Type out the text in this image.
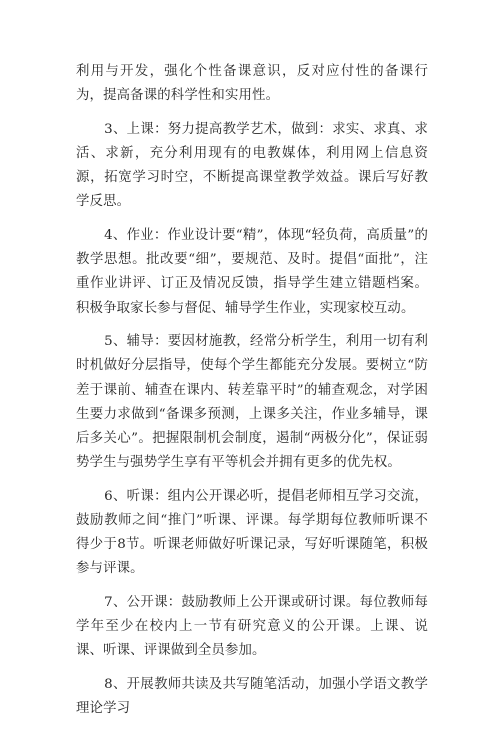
利用与开发，强化个性备课意识，反对应付性的备课行为，提高备课的科学性和实用性。

3、上课：努力提高教学艺术，做到：求实、求真、求活、求新，充分利用现有的电教媒体，利用网上信息资源，拓宽学习时空，不断提高课堂教学效益。课后写好教学反思。

4、作业：作业设计要“精”，体现“轻负荷，高质量”的教学思想。批改要“细”，要规范、及时。提倡“面批”，注重作业讲评、订正及情况反馈，指导学生建立错题档案。积极争取家长参与督促、辅导学生作业，实现家校互动。

5、辅导：要因材施教，经常分析学生，利用一切有利时机做好分层指导，使每个学生都能充分发展。要树立“防差于课前、辅查在课内、转差靠平时”的辅查观念，对学困生要力求做到“备课多预测，上课多关注，作业多辅导，课后多关心”。把握限制机会制度，遏制“两极分化”，保证弱势学生与强势学生享有平等机会并拥有更多的优先权。

6、听课：组内公开课必听，提倡老师相互学习交流，鼓励教师之间“推门”听课、评课。每学期每位教师听课不得少于8节。听课老师做好听课记录，写好听课随笔，积极参与评课。

7、公开课：鼓励教师上公开课或研讨课。每位教师每学年至少在校内上一节有研究意义的公开课。上课、说课、听课、评课做到全员参加。

8、开展教师共读及共写随笔活动，加强小学语文教学理论学习
